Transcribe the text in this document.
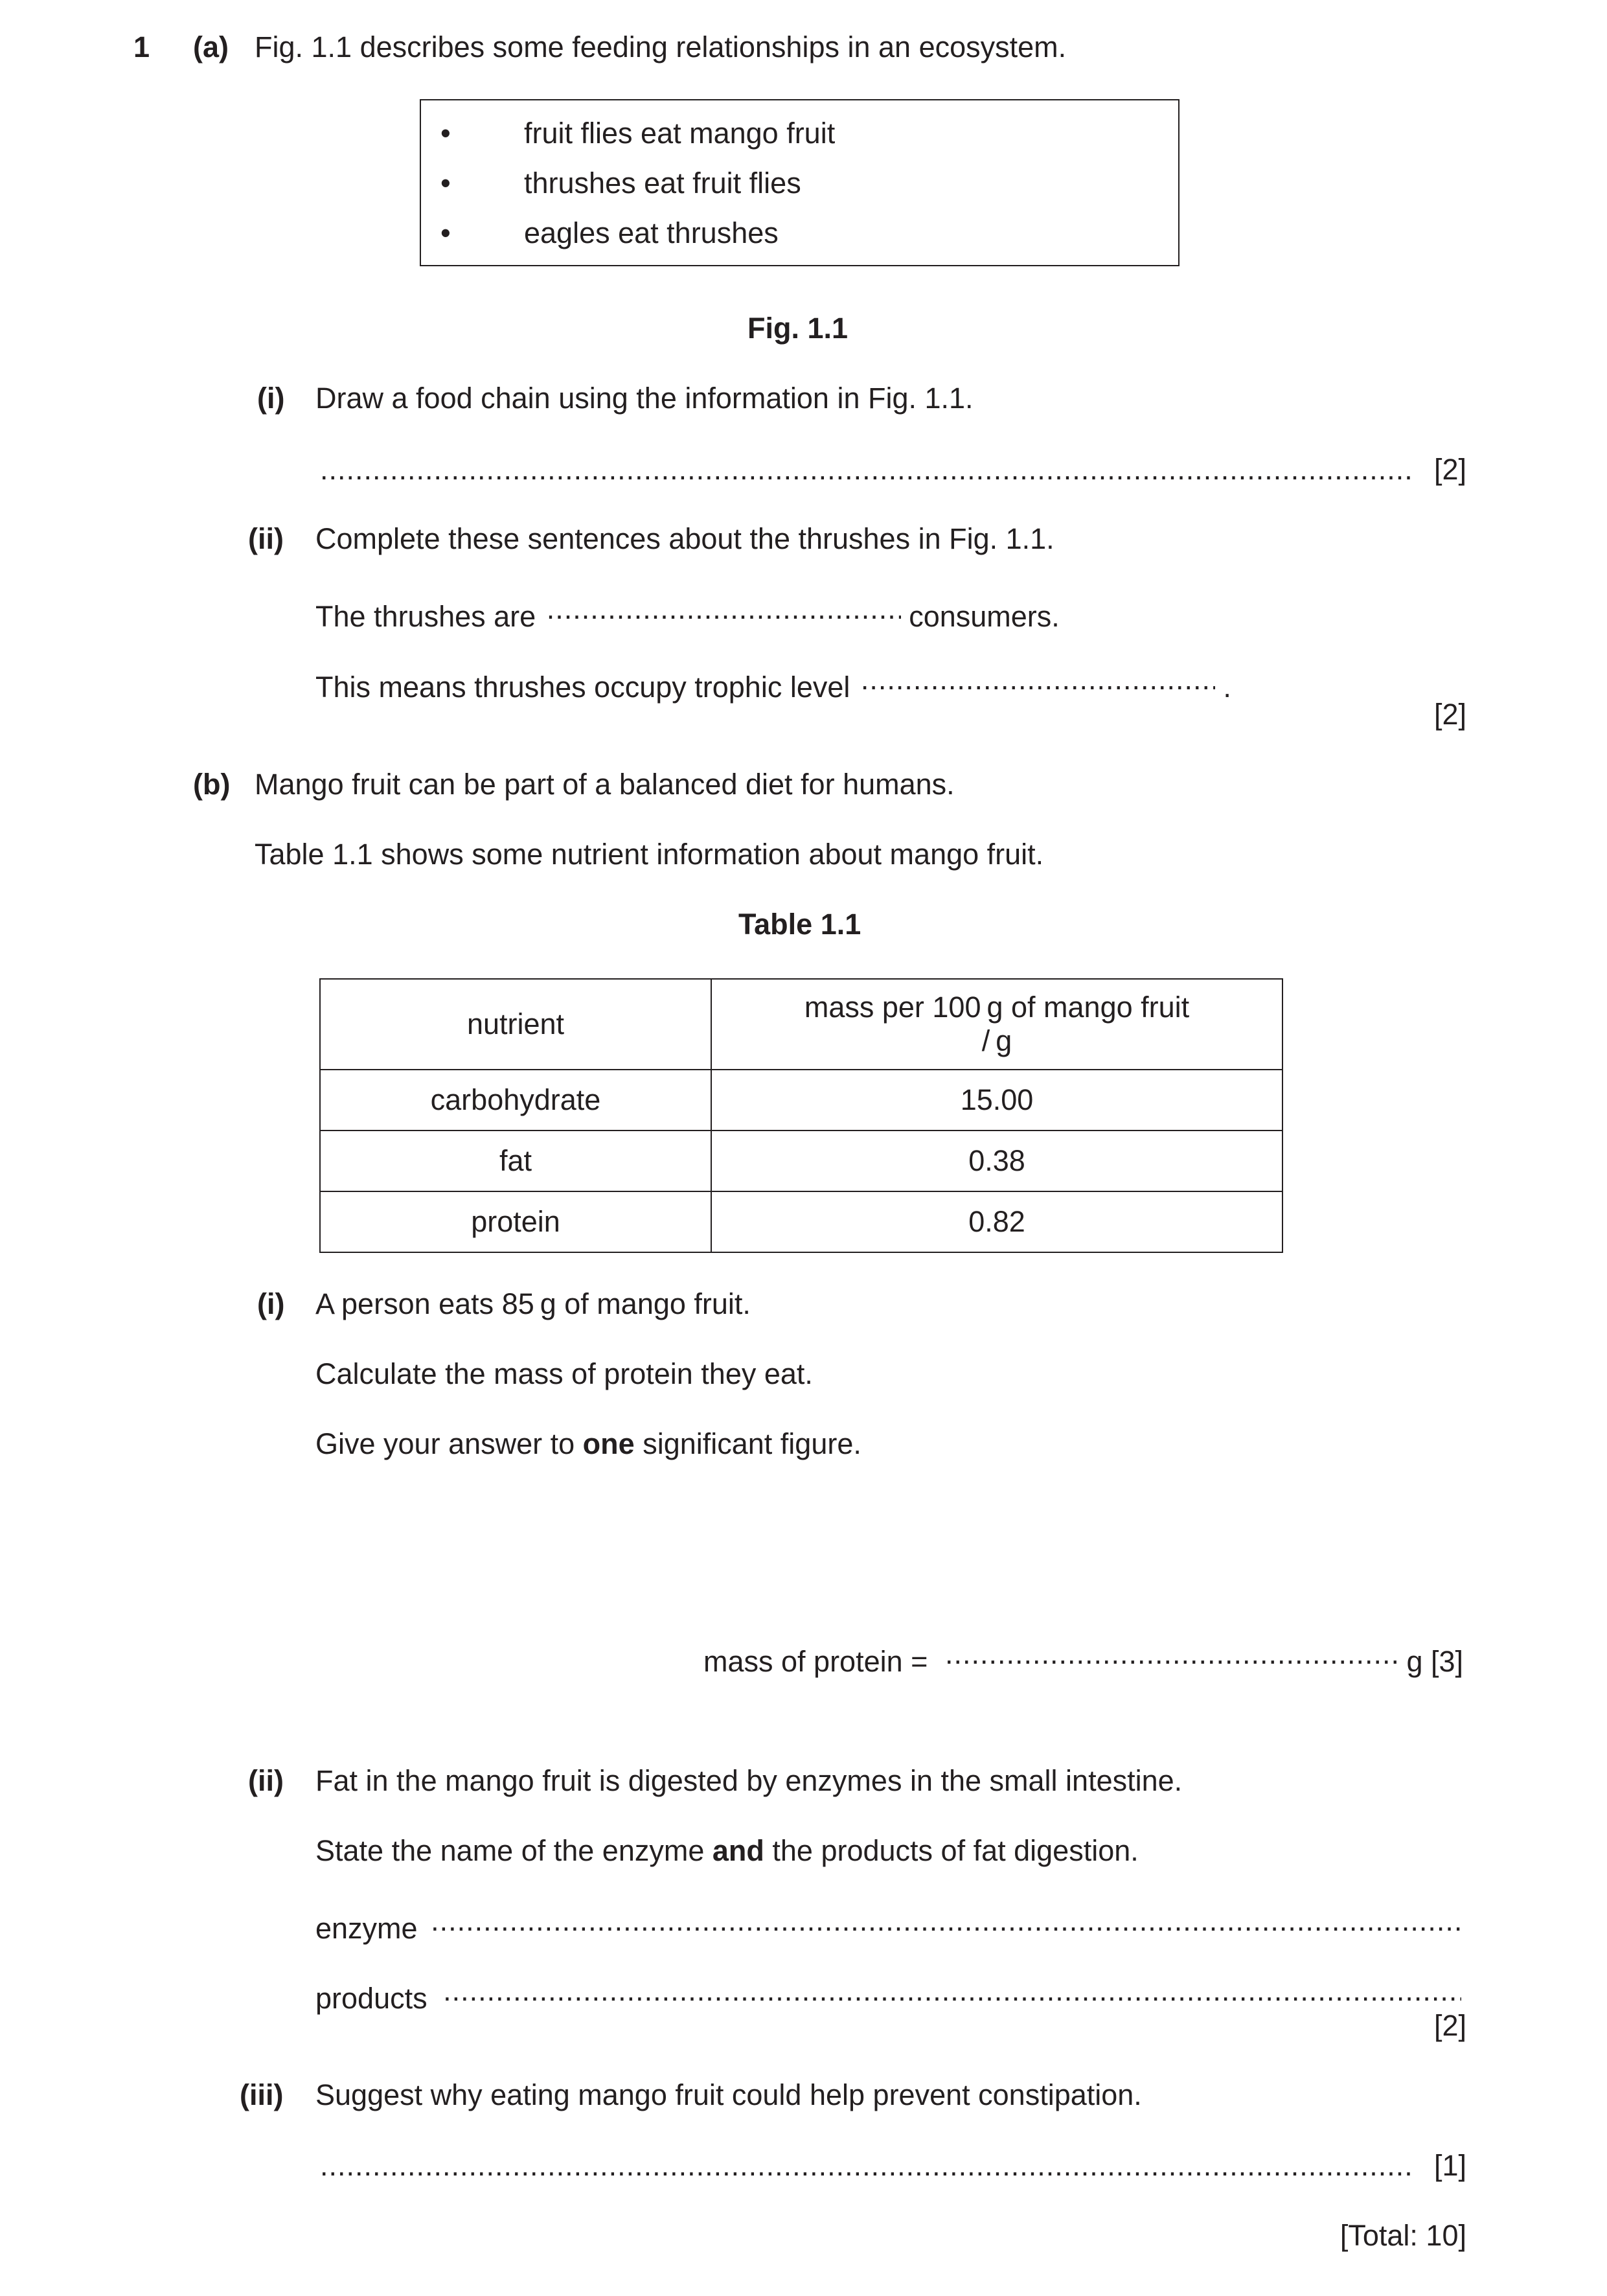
1 (a) Fig. 1.1 describes some feeding relationships in an ecosystem.
•	fruit flies eat mango fruit
•	thrushes eat fruit flies
•	eagles eat thrushes
Fig. 1.1
(i) Draw a food chain using the information in Fig. 1.1.
.....
[2]
(ii) Complete these sentences about the thrushes in Fig. 1.1.
The thrushes are .....	consumers.
This means thrushes occupy trophic level .....	.
[2]
(b) Mango fruit can be part of a balanced diet for humans.
Table 1.1 shows some nutrient information about mango fruit.
Table 1.1
nutrient	mass per 100 g of mango fruit
/ g

carbohydrate	15.00
fat	0.38
protein	0.82
(i) A person eats 85 g of mango fruit.
Calculate the mass of protein they eat.
Give your answer to one significant figure.
mass of protein = .....	g [3]
(ii) Fat in the mango fruit is digested by enzymes in the small intestine.
State the name of the enzyme and the products of fat digestion.
enzyme .....
products .....
[2]
(iii) Suggest why eating mango fruit could help prevent constipation.
.....
[1]
[Total: 10]
